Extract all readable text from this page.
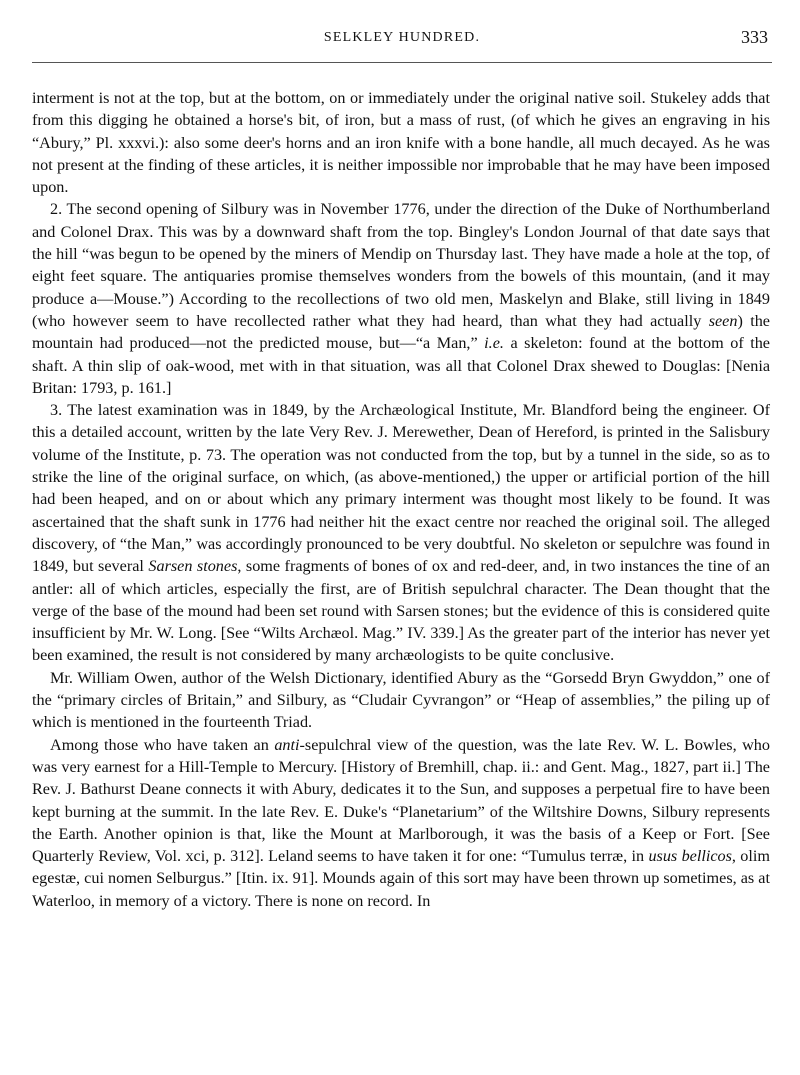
SELKLEY HUNDRED.	333

interment is not at the top, but at the bottom, on or immediately under the original native soil. Stukeley adds that from this digging he obtained a horse's bit, of iron, but a mass of rust, (of which he gives an engraving in his “Abury,” Pl. xxxvi.): also some deer's horns and an iron knife with a bone handle, all much decayed. As he was not present at the finding of these articles, it is neither impossible nor improbable that he may have been imposed upon.

2. The second opening of Silbury was in November 1776, under the direction of the Duke of Northumberland and Colonel Drax. This was by a downward shaft from the top. Bingley's London Journal of that date says that the hill “was begun to be opened by the miners of Mendip on Thursday last. They have made a hole at the top, of eight feet square. The antiquaries promise themselves wonders from the bowels of this mountain, (and it may produce a—Mouse.”) According to the recollections of two old men, Maskelyn and Blake, still living in 1849 (who however seem to have recollected rather what they had heard, than what they had actually seen) the mountain had produced—not the predicted mouse, but—“a Man,” i.e. a skeleton: found at the bottom of the shaft. A thin slip of oak-wood, met with in that situation, was all that Colonel Drax shewed to Douglas: [Nenia Britan: 1793, p. 161.]

3. The latest examination was in 1849, by the Archæological Institute, Mr. Blandford being the engineer. Of this a detailed account, written by the late Very Rev. J. Merewether, Dean of Hereford, is printed in the Salisbury volume of the Institute, p. 73. The operation was not conducted from the top, but by a tunnel in the side, so as to strike the line of the original surface, on which, (as above-mentioned,) the upper or artificial portion of the hill had been heaped, and on or about which any primary interment was thought most likely to be found. It was ascertained that the shaft sunk in 1776 had neither hit the exact centre nor reached the original soil. The alleged discovery, of “the Man,” was accordingly pronounced to be very doubtful. No skeleton or sepulchre was found in 1849, but several Sarsen stones, some fragments of bones of ox and red-deer, and, in two instances the tine of an antler: all of which articles, especially the first, are of British sepulchral character. The Dean thought that the verge of the base of the mound had been set round with Sarsen stones; but the evidence of this is considered quite insufficient by Mr. W. Long. [See “Wilts Archæol. Mag.” IV. 339.] As the greater part of the interior has never yet been examined, the result is not considered by many archæologists to be quite conclusive.

Mr. William Owen, author of the Welsh Dictionary, identified Abury as the “Gorsedd Bryn Gwyddon,” one of the “primary circles of Britain,” and Silbury, as “Cludair Cyvrangon” or “Heap of assemblies,” the piling up of which is mentioned in the fourteenth Triad.

Among those who have taken an anti-sepulchral view of the question, was the late Rev. W. L. Bowles, who was very earnest for a Hill-Temple to Mercury. [History of Bremhill, chap. ii.: and Gent. Mag., 1827, part ii.] The Rev. J. Bathurst Deane connects it with Abury, dedicates it to the Sun, and supposes a perpetual fire to have been kept burning at the summit. In the late Rev. E. Duke's “Planetarium” of the Wiltshire Downs, Silbury represents the Earth. Another opinion is that, like the Mount at Marlborough, it was the basis of a Keep or Fort. [See Quarterly Review, Vol. xci, p. 312]. Leland seems to have taken it for one: “Tumulus terræ, in usus bellicos, olim egestæ, cui nomen Selburgus.” [Itin. ix. 91]. Mounds again of this sort may have been thrown up sometimes, as at Waterloo, in memory of a victory. There is none on record. In
